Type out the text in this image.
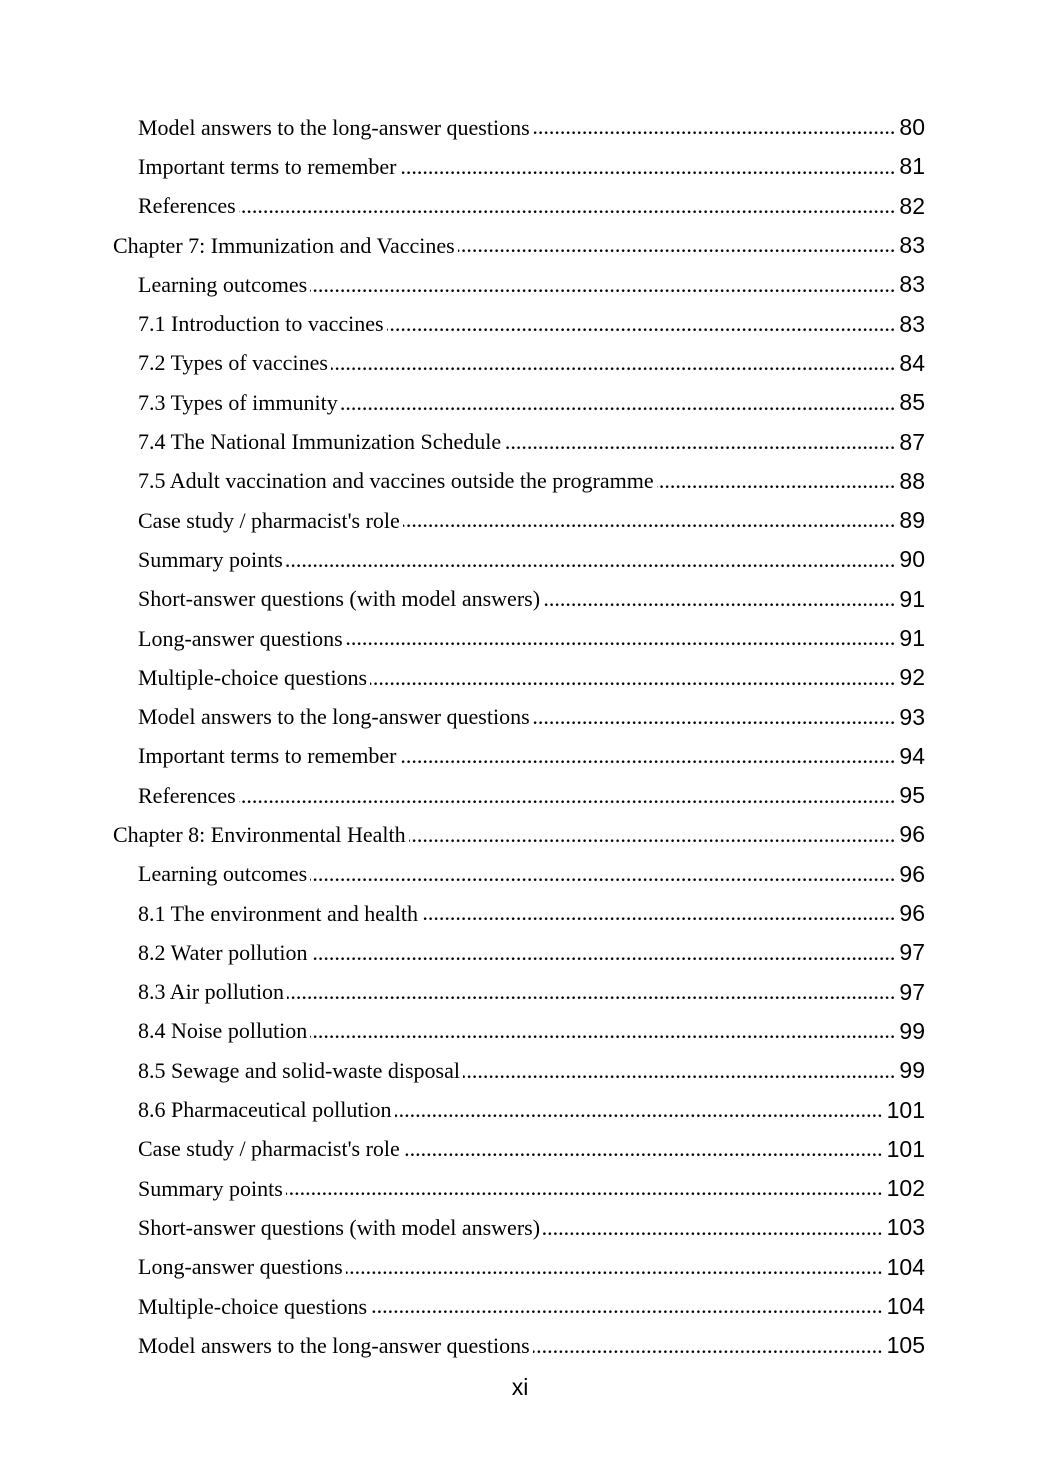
Model answers to the long-answer questions .....	80
Important terms to remember .....	81
References .....	82
Chapter 7: Immunization and Vaccines .....	83
Learning outcomes .....	83
7.1 Introduction to vaccines .....	83
7.2 Types of vaccines .....	84
7.3 Types of immunity .....	85
7.4 The National Immunization Schedule .....	87
7.5 Adult vaccination and vaccines outside the programme .....	88
Case study / pharmacist's role .....	89
Summary points .....	90
Short-answer questions (with model answers) .....	91
Long-answer questions .....	91
Multiple-choice questions .....	92
Model answers to the long-answer questions .....	93
Important terms to remember .....	94
References .....	95
Chapter 8: Environmental Health .....	96
Learning outcomes .....	96
8.1 The environment and health .....	96
8.2 Water pollution .....	97
8.3 Air pollution .....	97
8.4 Noise pollution .....	99
8.5 Sewage and solid-waste disposal .....	99
8.6 Pharmaceutical pollution .....	101
Case study / pharmacist's role .....	101
Summary points .....	102
Short-answer questions (with model answers) .....	103
Long-answer questions .....	104
Multiple-choice questions .....	104
Model answers to the long-answer questions .....	105
xi
